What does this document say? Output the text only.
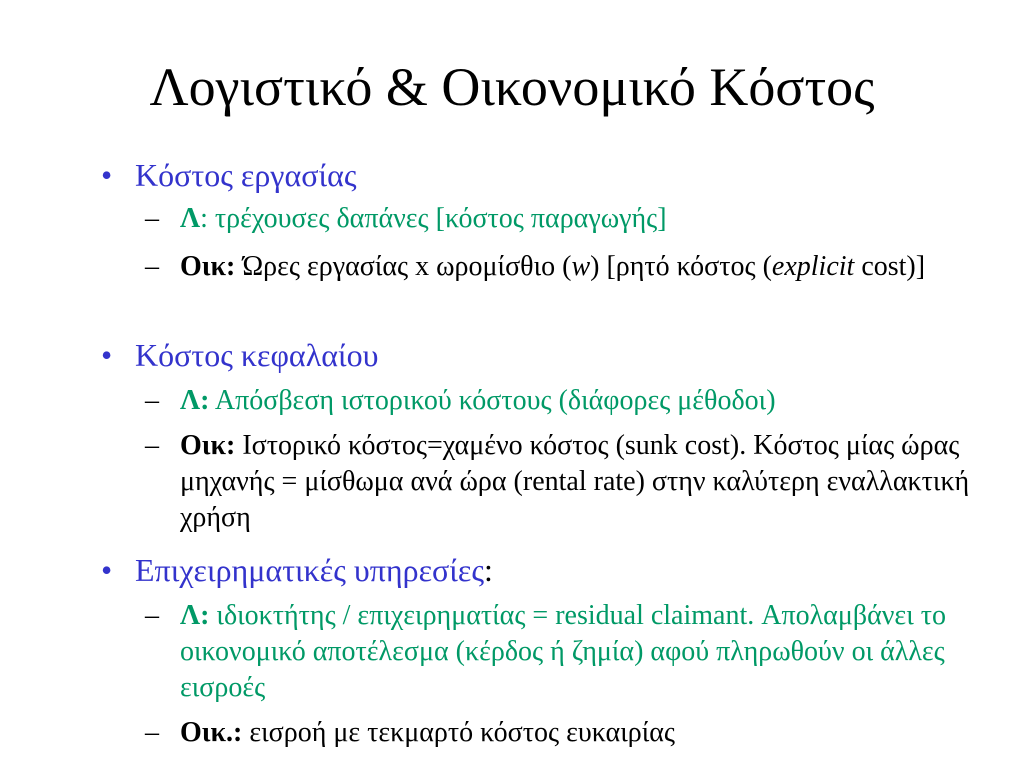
Λογιστικό & Οικονομικό Κόστος
• Κόστος εργασίας
– Λ: τρέχουσες δαπάνες [κόστος παραγωγής]
– Οικ: Ώρες εργασίας x ωρομίσθιο (w) [ρητό κόστος (explicit cost)]
• Κόστος κεφαλαίου
– Λ: Απόσβεση ιστορικού κόστους (διάφορες μέθοδοι)
– Οικ: Ιστορικό κόστος=χαμένο κόστος (sunk cost). Κόστος μίας ώρας μηχανής = μίσθωμα ανά ώρα (rental rate) στην καλύτερη εναλλακτική χρήση
• Επιχειρηματικές υπηρεσίες:
– Λ: ιδιοκτήτης / επιχειρηματίας = residual claimant. Απολαμβάνει το οικονομικό αποτέλεσμα (κέρδος ή ζημία) αφού πληρωθούν οι άλλες εισροές
– Οικ.: εισροή με τεκμαρτό κόστος ευκαιρίας
